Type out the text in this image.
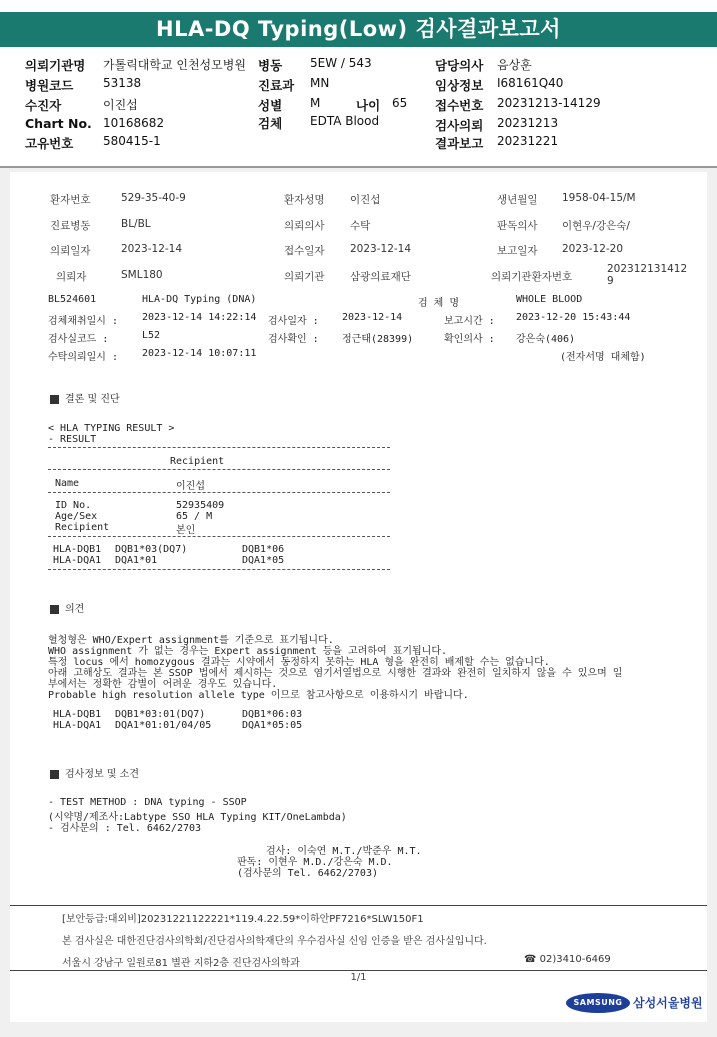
HLA-DQ Typing(Low) 검사결과보고서
의뢰기관명 가톨릭대학교 인천성모병원
병원코드 53138
수진자	이진섭
Chart No. 10168682
고유번호 580415-1
병동 5EW / 543
진료과 MN
성별 M	나이 65
검체 EDTA Blood
담당의사 음상훈
임상정보 I68161Q40
접수번호 20231213-14129
검사의뢰 20231213
결과보고 20231221
환자번호	529-35-40-9	환자성명 이진섭	생년월일 1958-04-15/M
진료병동	BL/BL	의뢰의사 수탁	판독의사 이현우/강은숙/
의뢰일자	2023-12-14	접수일자 2023-12-14	보고일자 2023-12-20
의뢰자	SML180	의뢰기관 삼광의료재단	의뢰기관환자번호
202312131412
9
BL524601	HLA-DQ Typing (DNA)	검 체 명	WHOLE BLOOD
검체채취일시 : 2023-12-14 14:22:14 검사일자 : 2023-12-14	보고시간 : 2023-12-20 15:43:44
검사실코드 :	L52	검사확인 : 정근태(28399)	확인의사 : 강은숙(406)
수탁의뢰일시 : 2023-12-14 10:07:11	(전자서명 대체함)
결론 및 진단
< HLA TYPING RESULT >
- RESULT
Recipient
Name	이진섭
ID No.	52935409
Age/Sex	65 / M
Recipient	본인
HLA-DQB1 DQB1*03(DQ7)	DQB1*06
HLA-DQA1 DQA1*01	DQA1*05
의견
혈청형은 WHO/Expert assignment를 기준으로 표기됩니다.
WHO assignment 가 없는 경우는 Expert assignment 등을 고려하여 표기됩니다.
특정 locus 에서 homozygous 결과는 시약에서 동정하지 못하는 HLA 형을 완전히 배제할 수는 없습니다.
아래 고해상도 결과는 본 SSOP 법에서 제시하는 것으로 염기서열법으로 시행한 결과와 완전히 일치하지 않을 수 있으며 일
부에서는 정확한 감별이 어려운 경우도 있습니다.
Probable high resolution allele type 이므로 참고사항으로 이용하시기 바랍니다.
HLA-DQB1 DQB1*03:01(DQ7)	DQB1*06:03
HLA-DQA1 DQA1*01:01/04/05	DQA1*05:05
검사정보 및 소견
- TEST METHOD : DNA typing - SSOP
(시약명/제조사:Labtype SSO HLA Typing KIT/OneLambda)
- 검사문의 : Tel. 6462/2703
검사: 이숙연 M.T./박준우 M.T.
판독: 이현우 M.D./강은숙 M.D.
(검사문의 Tel. 6462/2703)
[보안등급:대외비]20231221122221*119.4.22.59*이하안PF7216*SLW150F1
본 검사실은 대한진단검사의학회/진단검사의학재단의 우수검사실 신임 인증을 받은 검사실입니다.
서울시 강남구 일원로81 별관 지하2층 진단검사의학과	☎ 02)3410-6469
1/1
SAMSUNG 삼성서울병원
